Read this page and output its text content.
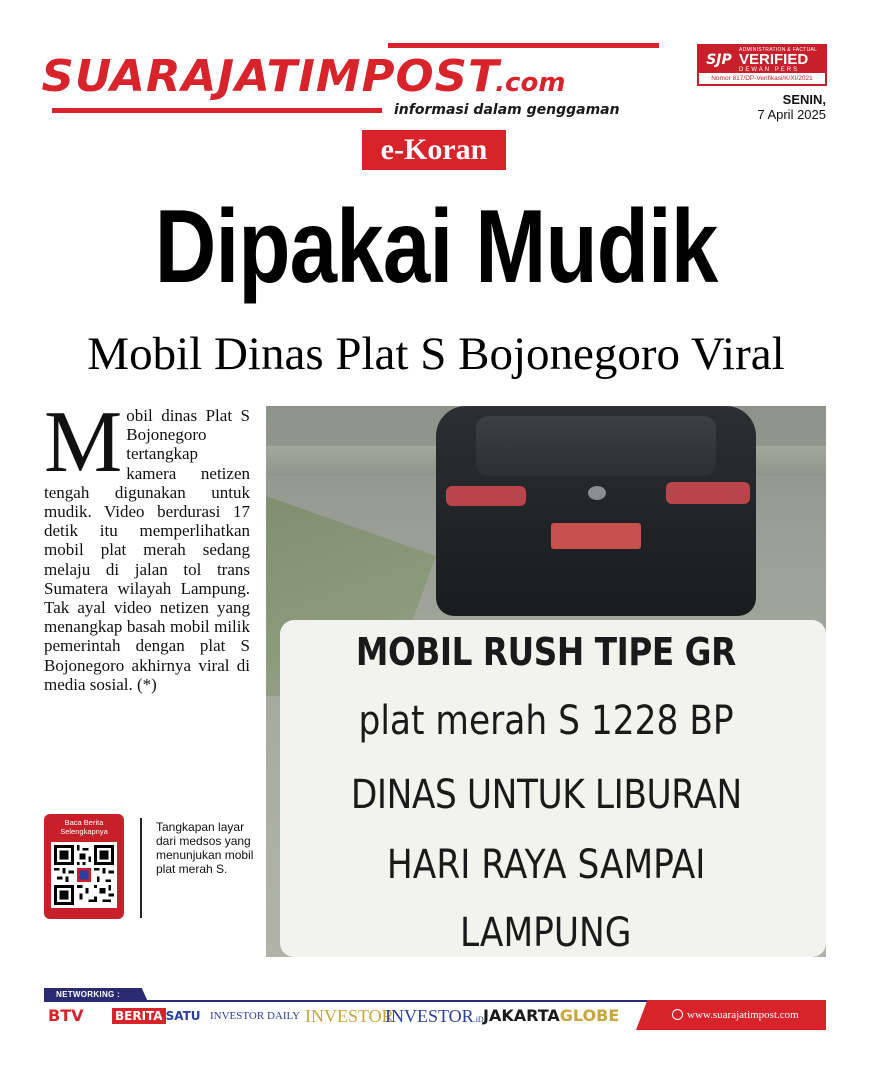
SUARAJATIMPOST.com
informasi dalam genggaman
SJP
ADMINISTRATION & FACTUAL
VERIFIED
DEWAN PERS
Nomor 817/DP-Verifikasi/K/XI/2021
SENIN,
7 April 2025
e-Koran
Dipakai Mudik
Mobil Dinas Plat S Bojonegoro Viral
Mobil dinas Plat S Bojonegoro tertangkap kamera netizen tengah digunakan untuk mudik. Video berdurasi 17 detik itu memperlihatkan mobil plat merah sedang melaju di jalan tol trans Sumatera wilayah Lampung. Tak ayal video netizen yang menangkap basah mobil milik pemerintah dengan plat S Bojonegoro akhirnya viral di media sosial. (*)
MOBIL RUSH TIPE GR
plat merah S 1228 BP
DINAS UNTUK LIBURAN
HARI RAYA SAMPAI
LAMPUNG
Baca Berita Selengkapnya	Tangkapan layar dari medsos yang menunjukan mobil plat merah S.
NETWORKING :
BTV	BERITA SATU INVESTOR DAILY INVESTOR
INVESTOR.iD JAKARTAGLOBE	www.suarajatimpost.com
